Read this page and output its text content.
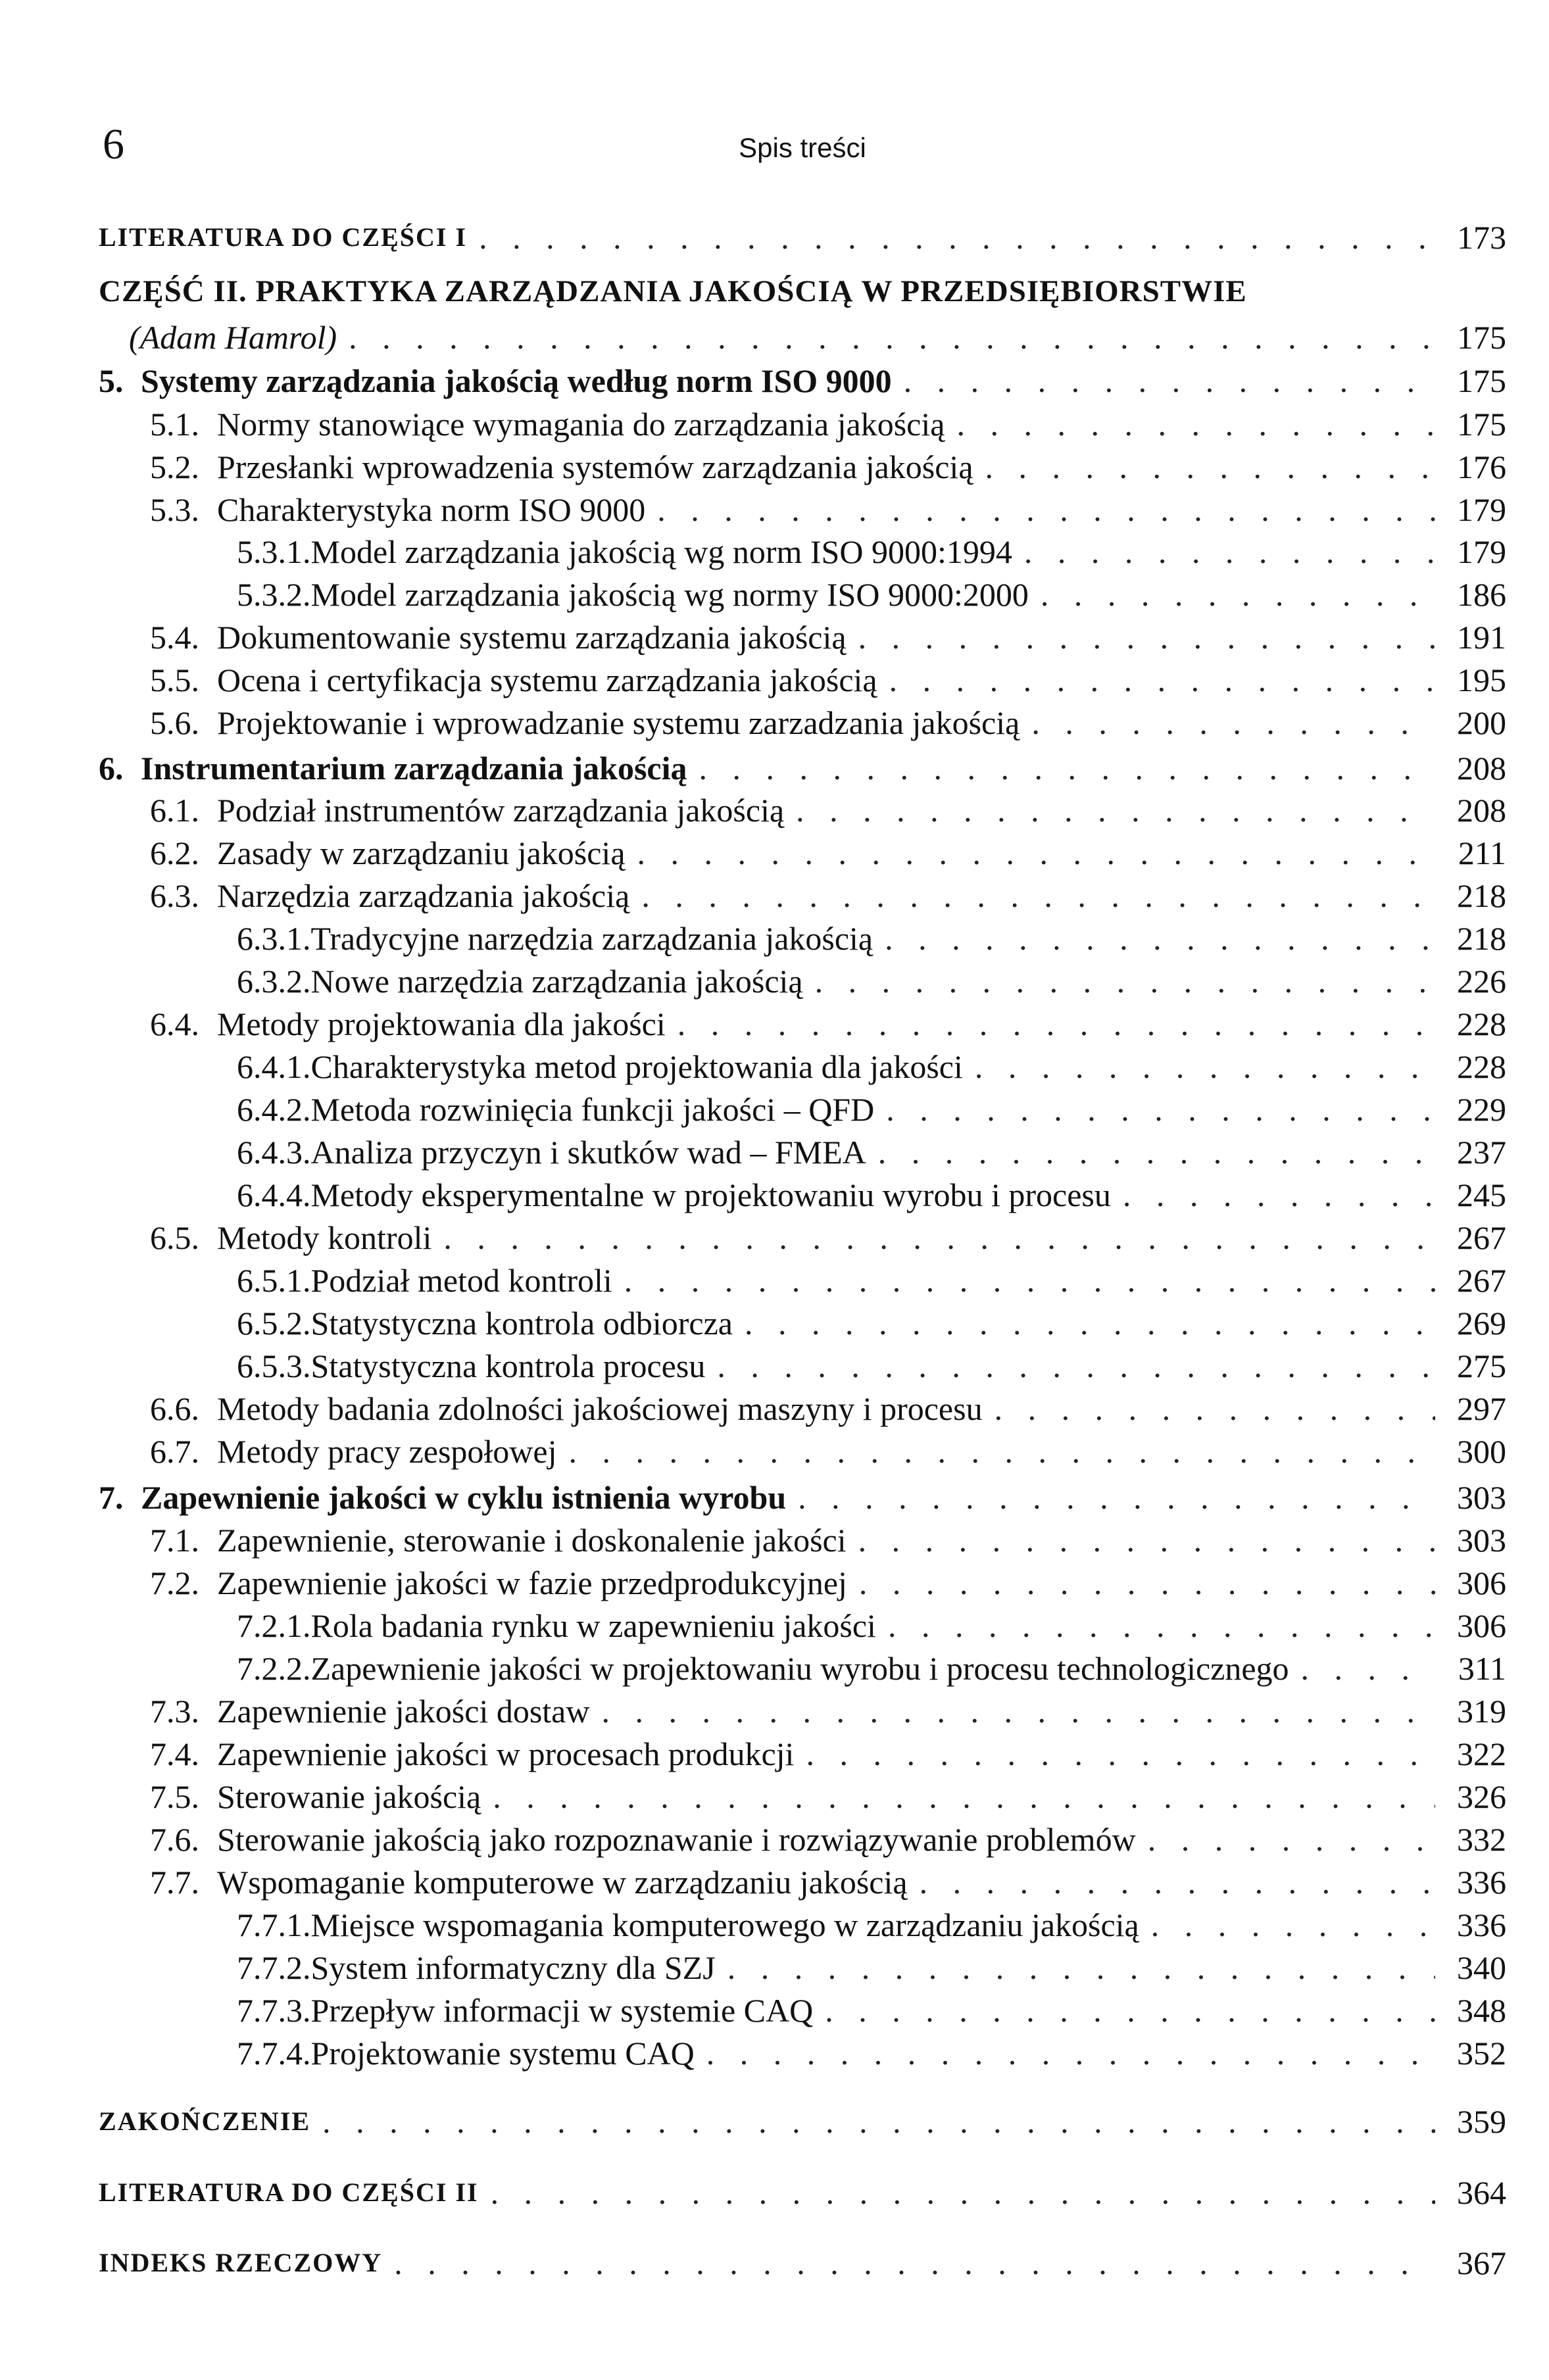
6	Spis treści
LITERATURA DO CZĘŚCI I . . .	173
CZĘŚĆ II. PRAKTYKA ZARZĄDZANIA JAKOŚCIĄ W PRZEDSIĘBIORSTWIE
(Adam Hamrol) . . .	175
5. Systemy zarządzania jakością według norm ISO 9000 . . .	175
5.1. Normy stanowiące wymagania do zarządzania jakością . . .	175
5.2. Przesłanki wprowadzenia systemów zarządzania jakością . . .	176
5.3. Charakterystyka norm ISO 9000 . . .	179
5.3.1.Model zarządzania jakością wg norm ISO 9000:1994 . . .	179
5.3.2.Model zarządzania jakością wg normy ISO 9000:2000 . . .	186
5.4. Dokumentowanie systemu zarządzania jakością . . .	191
5.5. Ocena i certyfikacja systemu zarządzania jakością . . .	195
5.6. Projektowanie i wprowadzanie systemu zarzadzania jakością . . .	200
6. Instrumentarium zarządzania jakością . . .	208
6.1. Podział instrumentów zarządzania jakością . . .	208
6.2. Zasady w zarządzaniu jakością . . .	211
6.3. Narzędzia zarządzania jakością . . .	218
6.3.1.Tradycyjne narzędzia zarządzania jakością . . .	218
6.3.2.Nowe narzędzia zarządzania jakością . . .	226
6.4. Metody projektowania dla jakości . . .	228
6.4.1.Charakterystyka metod projektowania dla jakości . . .	228
6.4.2.Metoda rozwinięcia funkcji jakości – QFD . . .	229
6.4.3.Analiza przyczyn i skutków wad – FMEA . . .	237
6.4.4.Metody eksperymentalne w projektowaniu wyrobu i procesu . . .	245
6.5. Metody kontroli . . .	267
6.5.1.Podział metod kontroli . . .	267
6.5.2.Statystyczna kontrola odbiorcza . . .	269
6.5.3.Statystyczna kontrola procesu . . .	275
6.6. Metody badania zdolności jakościowej maszyny i procesu . . .	297
6.7. Metody pracy zespołowej . . .	300
7. Zapewnienie jakości w cyklu istnienia wyrobu . . .	303
7.1. Zapewnienie, sterowanie i doskonalenie jakości . . .	303
7.2. Zapewnienie jakości w fazie przedprodukcyjnej . . .	306
7.2.1.Rola badania rynku w zapewnieniu jakości . . .	306
7.2.2.Zapewnienie jakości w projektowaniu wyrobu i procesu technologicznego . . .	311
7.3. Zapewnienie jakości dostaw . . .	319
7.4. Zapewnienie jakości w procesach produkcji . . .	322
7.5. Sterowanie jakością . . .	326
7.6. Sterowanie jakością jako rozpoznawanie i rozwiązywanie problemów . . .	332
7.7. Wspomaganie komputerowe w zarządzaniu jakością . . .	336
7.7.1.Miejsce wspomagania komputerowego w zarządzaniu jakością . . .	336
7.7.2.System informatyczny dla SZJ . . .	340
7.7.3.Przepływ informacji w systemie CAQ . . .	348
7.7.4.Projektowanie systemu CAQ . . .	352
ZAKOŃCZENIE . . .	359
LITERATURA DO CZĘŚCI II . . .	364
INDEKS RZECZOWY . . .	367
